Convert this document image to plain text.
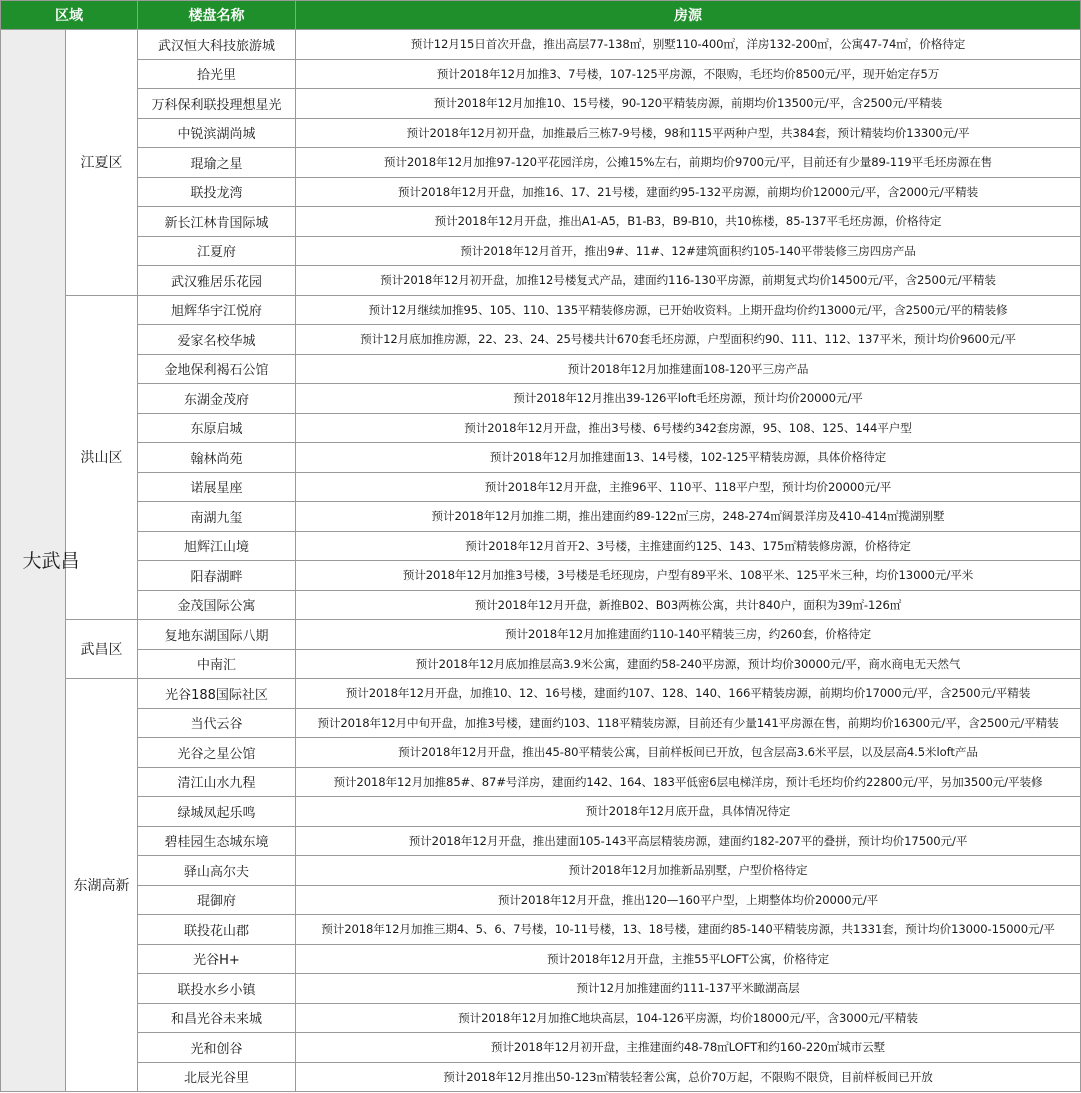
区域		楼盘名称	房源

大武昌	江夏区	武汉恒大科技旅游城	预计12月15日首次开盘，推出高层77-138㎡，别墅110-400㎡，洋房132-200㎡，公寓47-74㎡，价格待定
		拾光里	预计2018年12月加推3、7号楼，107-125平房源，不限购，毛坯均价8500元/平，现开始定存5万
		万科保利联投理想星光	预计2018年12月加推10、15号楼，90-120平精装房源，前期均价13500元/平，含2500元/平精装
		中锐滨湖尚城	预计2018年12月初开盘，加推最后三栋7-9号楼，98和115平两种户型，共384套，预计精装均价13300元/平
		琨瑜之星	预计2018年12月加推97-120平花园洋房，公摊15%左右，前期均价9700元/平，目前还有少量89-119平毛坯房源在售
		联投龙湾	预计2018年12月开盘，加推16、17、21号楼，建面约95-132平房源，前期均价12000元/平，含2000元/平精装
		新长江林肯国际城	预计2018年12月开盘，推出A1-A5，B1-B3，B9-B10，共10栋楼，85-137平毛坯房源，价格待定
		江夏府	预计2018年12月首开，推出9#、11#、12#建筑面积约105-140平带装修三房四房产品
		武汉雅居乐花园	预计2018年12月初开盘，加推12号楼复式产品，建面约116-130平房源，前期复式均价14500元/平，含2500元/平精装
	洪山区	旭辉华宇江悦府	预计12月继续加推95、105、110、135平精装修房源，已开始收资料。上期开盘均价约13000元/平，含2500元/平的精装修
		爱家名校华城	预计12月底加推房源，22、23、24、25号楼共计670套毛坯房源，户型面积约90、111、112、137平米，预计均价9600元/平
		金地保利褐石公馆	预计2018年12月加推建面108-120平三房产品
		东湖金茂府	预计2018年12月推出39-126平loft毛坯房源，预计均价20000元/平
		东原启城	预计2018年12月开盘，推出3号楼、6号楼约342套房源，95、108、125、144平户型
		翰林尚苑	预计2018年12月加推建面13、14号楼，102-125平精装房源，具体价格待定
		诺展星座	预计2018年12月开盘，主推96平、110平、118平户型，预计均价20000元/平
		南湖九玺	预计2018年12月加推二期，推出建面约89-122㎡三房，248-274㎡阔景洋房及410-414㎡揽湖别墅
		旭辉江山境	预计2018年12月首开2、3号楼，主推建面约125、143、175㎡精装修房源，价格待定
		阳春湖畔	预计2018年12月加推3号楼，3号楼是毛坯现房，户型有89平米、108平米、125平米三种，均价13000元/平米
		金茂国际公寓	预计2018年12月开盘，新推B02、B03两栋公寓，共计840户，面积为39㎡-126㎡
	武昌区	复地东湖国际八期	预计2018年12月加推建面约110-140平精装三房，约260套，价格待定
		中南汇	预计2018年12月底加推层高3.9米公寓，建面约58-240平房源，预计均价30000元/平，商水商电无天然气
	东湖高新	光谷188国际社区	预计2018年12月开盘，加推10、12、16号楼，建面约107、128、140、166平精装房源，前期均价17000元/平，含2500元/平精装
		当代云谷	预计2018年12月中旬开盘，加推3号楼，建面约103、118平精装房源，目前还有少量141平房源在售，前期均价16300元/平，含2500元/平精装
		光谷之星公馆	预计2018年12月开盘，推出45-80平精装公寓，目前样板间已开放，包含层高3.6米平层，以及层高4.5米loft产品
		清江山水九程	预计2018年12月加推85#、87#号洋房，建面约142、164、183平低密6层电梯洋房，预计毛坯均价约22800元/平，另加3500元/平装修
		绿城凤起乐鸣	预计2018年12月底开盘，具体情况待定
		碧桂园生态城东境	预计2018年12月开盘，推出建面105-143平高层精装房源，建面约182-207平的叠拼，预计均价17500元/平
		驿山高尔夫	预计2018年12月加推新品别墅，户型价格待定
		琨御府	预计2018年12月开盘，推出120—160平户型，上期整体均价20000元/平
		联投花山郡	预计2018年12月加推三期4、5、6、7号楼，10-11号楼，13、18号楼，建面约85-140平精装房源，共1331套，预计均价13000-15000元/平
		光谷H+	预计2018年12月开盘，主推55平LOFT公寓，价格待定
		联投水乡小镇	预计12月加推建面约111-137平米瞰湖高层
		和昌光谷未来城	预计2018年12月加推C地块高层，104-126平房源，均价18000元/平，含3000元/平精装
		光和创谷	预计2018年12月初开盘，主推建面约48-78㎡LOFT和约160-220㎡城市云墅
		北辰光谷里	预计2018年12月推出50-123㎡精装轻奢公寓，总价70万起，不限购不限贷，目前样板间已开放
